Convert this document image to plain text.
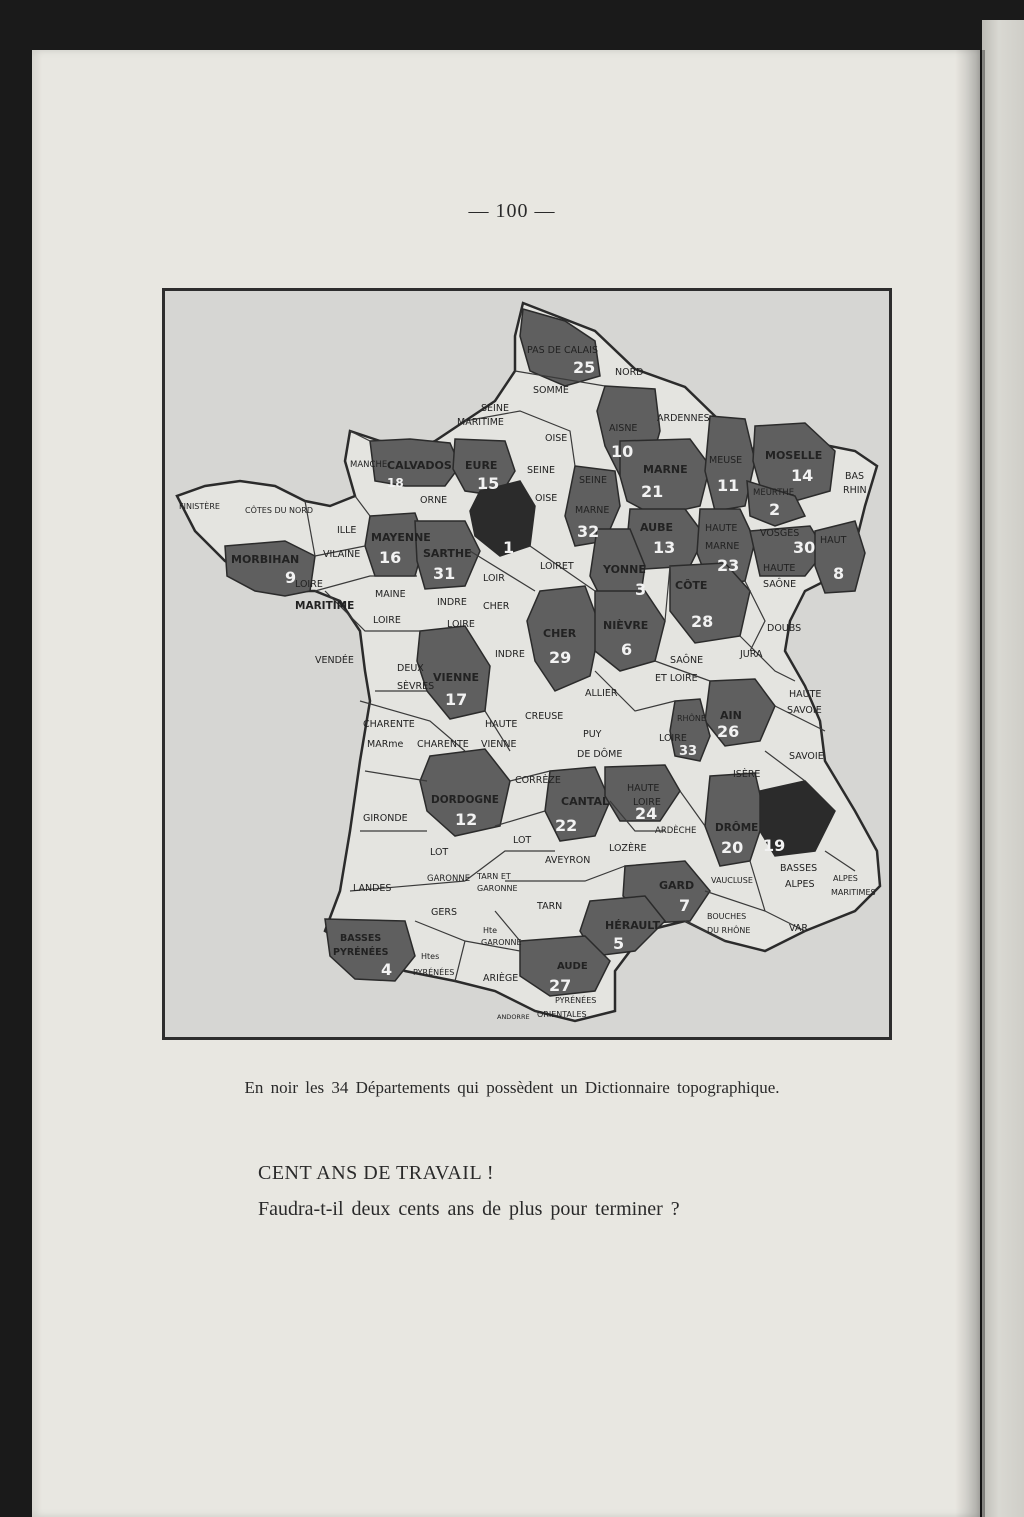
— 100 —
PAS DE CALAIS
NORD
SOMME
SEINE
MARITIME
OISE
AISNE
ARDENNES
MANCHE CALVADOS EURE	SEINE
OISE
SEINE
MARNE
MARNE
MEUSE MOSELLE
BAS
RHIN
MEURTHE
FINISTÈRE	CÔTES DU NORD
ORNE
ILLE
VILAINE
MAYENNE
SARTHE
AUBE	HAUTE
MARNE
VOSGES
HAUT
MORBIHAN
LOIRET	YONNE
CÔTE
HAUTE
SAÔNE
LOIRE
MARITIME
MAINE
LOIRE
LOIR
CHER
INDRE
LOIRE
CHER
NIÈVRE	DOUBS
VENDÉE
DEUX
SÈVRES
VIENNE
INDRE
SAÔNE
ET LOIRE
JURA
ALLIER
AIN
HAUTE
SAVOIE
CHARENTE
MARme CHARENTE
HAUTE
VIENNE
CREUSE
PUY
DE DÔME
RHÔNE
LOIRE
SAVOIE
CORRÈZE
ISÈRE
GIRONDE
DORDOGNE	CANTAL
HAUTE
LOIRE
ARDÈCHE DRÔME
LOT
LOZÈRE
LOT
GARONNE
AVEYRON
LANDES
TARN ET
GARONNE	GARD VAUCLUSE
BASSES
ALPES
ALPES
MARITIMES
GERS
TARN
HÉRAULT
BOUCHES
DU RHÔNE	VAR
BASSES
PYRÉNÉES	Htes
PYRÉNÉES
Hte
GARONNE
ARIÈGE
AUDE
PYRÉNÉES
ORIENTALES
ANDORRE
25
10
18	15
1
32
21	11
14
2
16
31
13
23
30
8
9
3
28
29	6
17
26
33
12	22
24
20 19
7
5
4
27
En noir les 34 Départements qui possèdent un Dictionnaire topographique.
CENT ANS DE TRAVAIL !
Faudra-t-il deux cents ans de plus pour terminer ?
